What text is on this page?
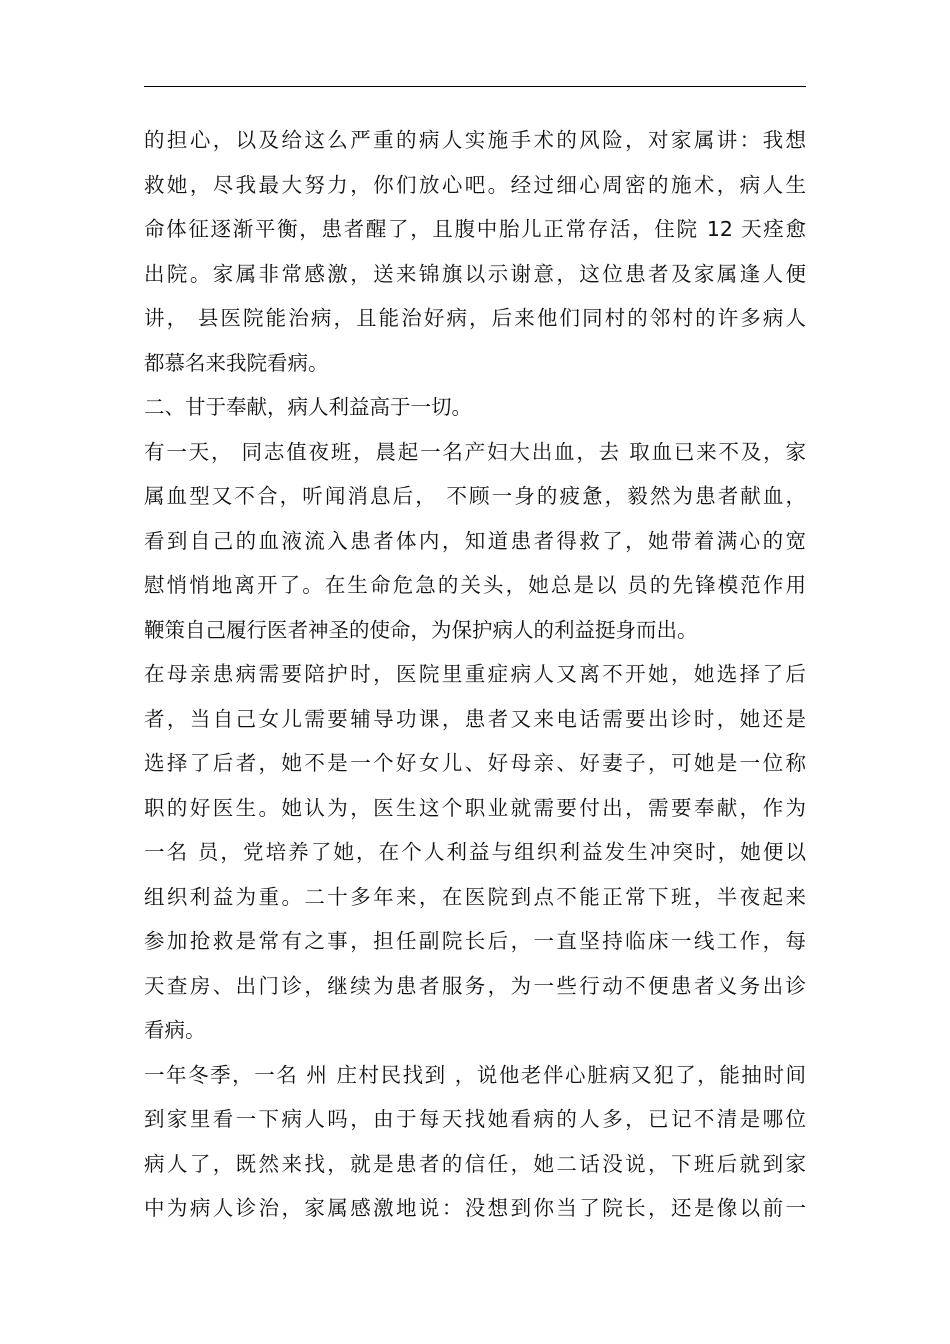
的担心，以及给这么严重的病人实施手术的风险，对家属讲：我想
救她，尽我最大努力，你们放心吧。经过细心周密的施术，病人生
命体征逐渐平衡，患者醒了，且腹中胎儿正常存活，住院 12 天痊愈
出院。家属非常感激，送来锦旗以示谢意，这位患者及家属逢人便
讲， 县医院能治病，且能治好病，后来他们同村的邻村的许多病人
都慕名来我院看病。
二、甘于奉献，病人利益高于一切。
有一天， 同志值夜班，晨起一名产妇大出血，去 取血已来不及，家
属血型又不合，听闻消息后， 不顾一身的疲惫，毅然为患者献血，
看到自己的血液流入患者体内，知道患者得救了，她带着满心的宽
慰悄悄地离开了。在生命危急的关头，她总是以 员的先锋模范作用
鞭策自己履行医者神圣的使命，为保护病人的利益挺身而出。
在母亲患病需要陪护时，医院里重症病人又离不开她，她选择了后
者，当自己女儿需要辅导功课，患者又来电话需要出诊时，她还是
选择了后者，她不是一个好女儿、好母亲、好妻子，可她是一位称
职的好医生。她认为，医生这个职业就需要付出，需要奉献，作为
一名 员，党培养了她，在个人利益与组织利益发生冲突时，她便以
组织利益为重。二十多年来，在医院到点不能正常下班，半夜起来
参加抢救是常有之事，担任副院长后，一直坚持临床一线工作，每
天查房、出门诊，继续为患者服务，为一些行动不便患者义务出诊
看病。
一年冬季，一名 州 庄村民找到 ，说他老伴心脏病又犯了，能抽时间
到家里看一下病人吗，由于每天找她看病的人多，已记不清是哪位
病人了，既然来找，就是患者的信任，她二话没说，下班后就到家
中为病人诊治，家属感激地说：没想到你当了院长，还是像以前一
